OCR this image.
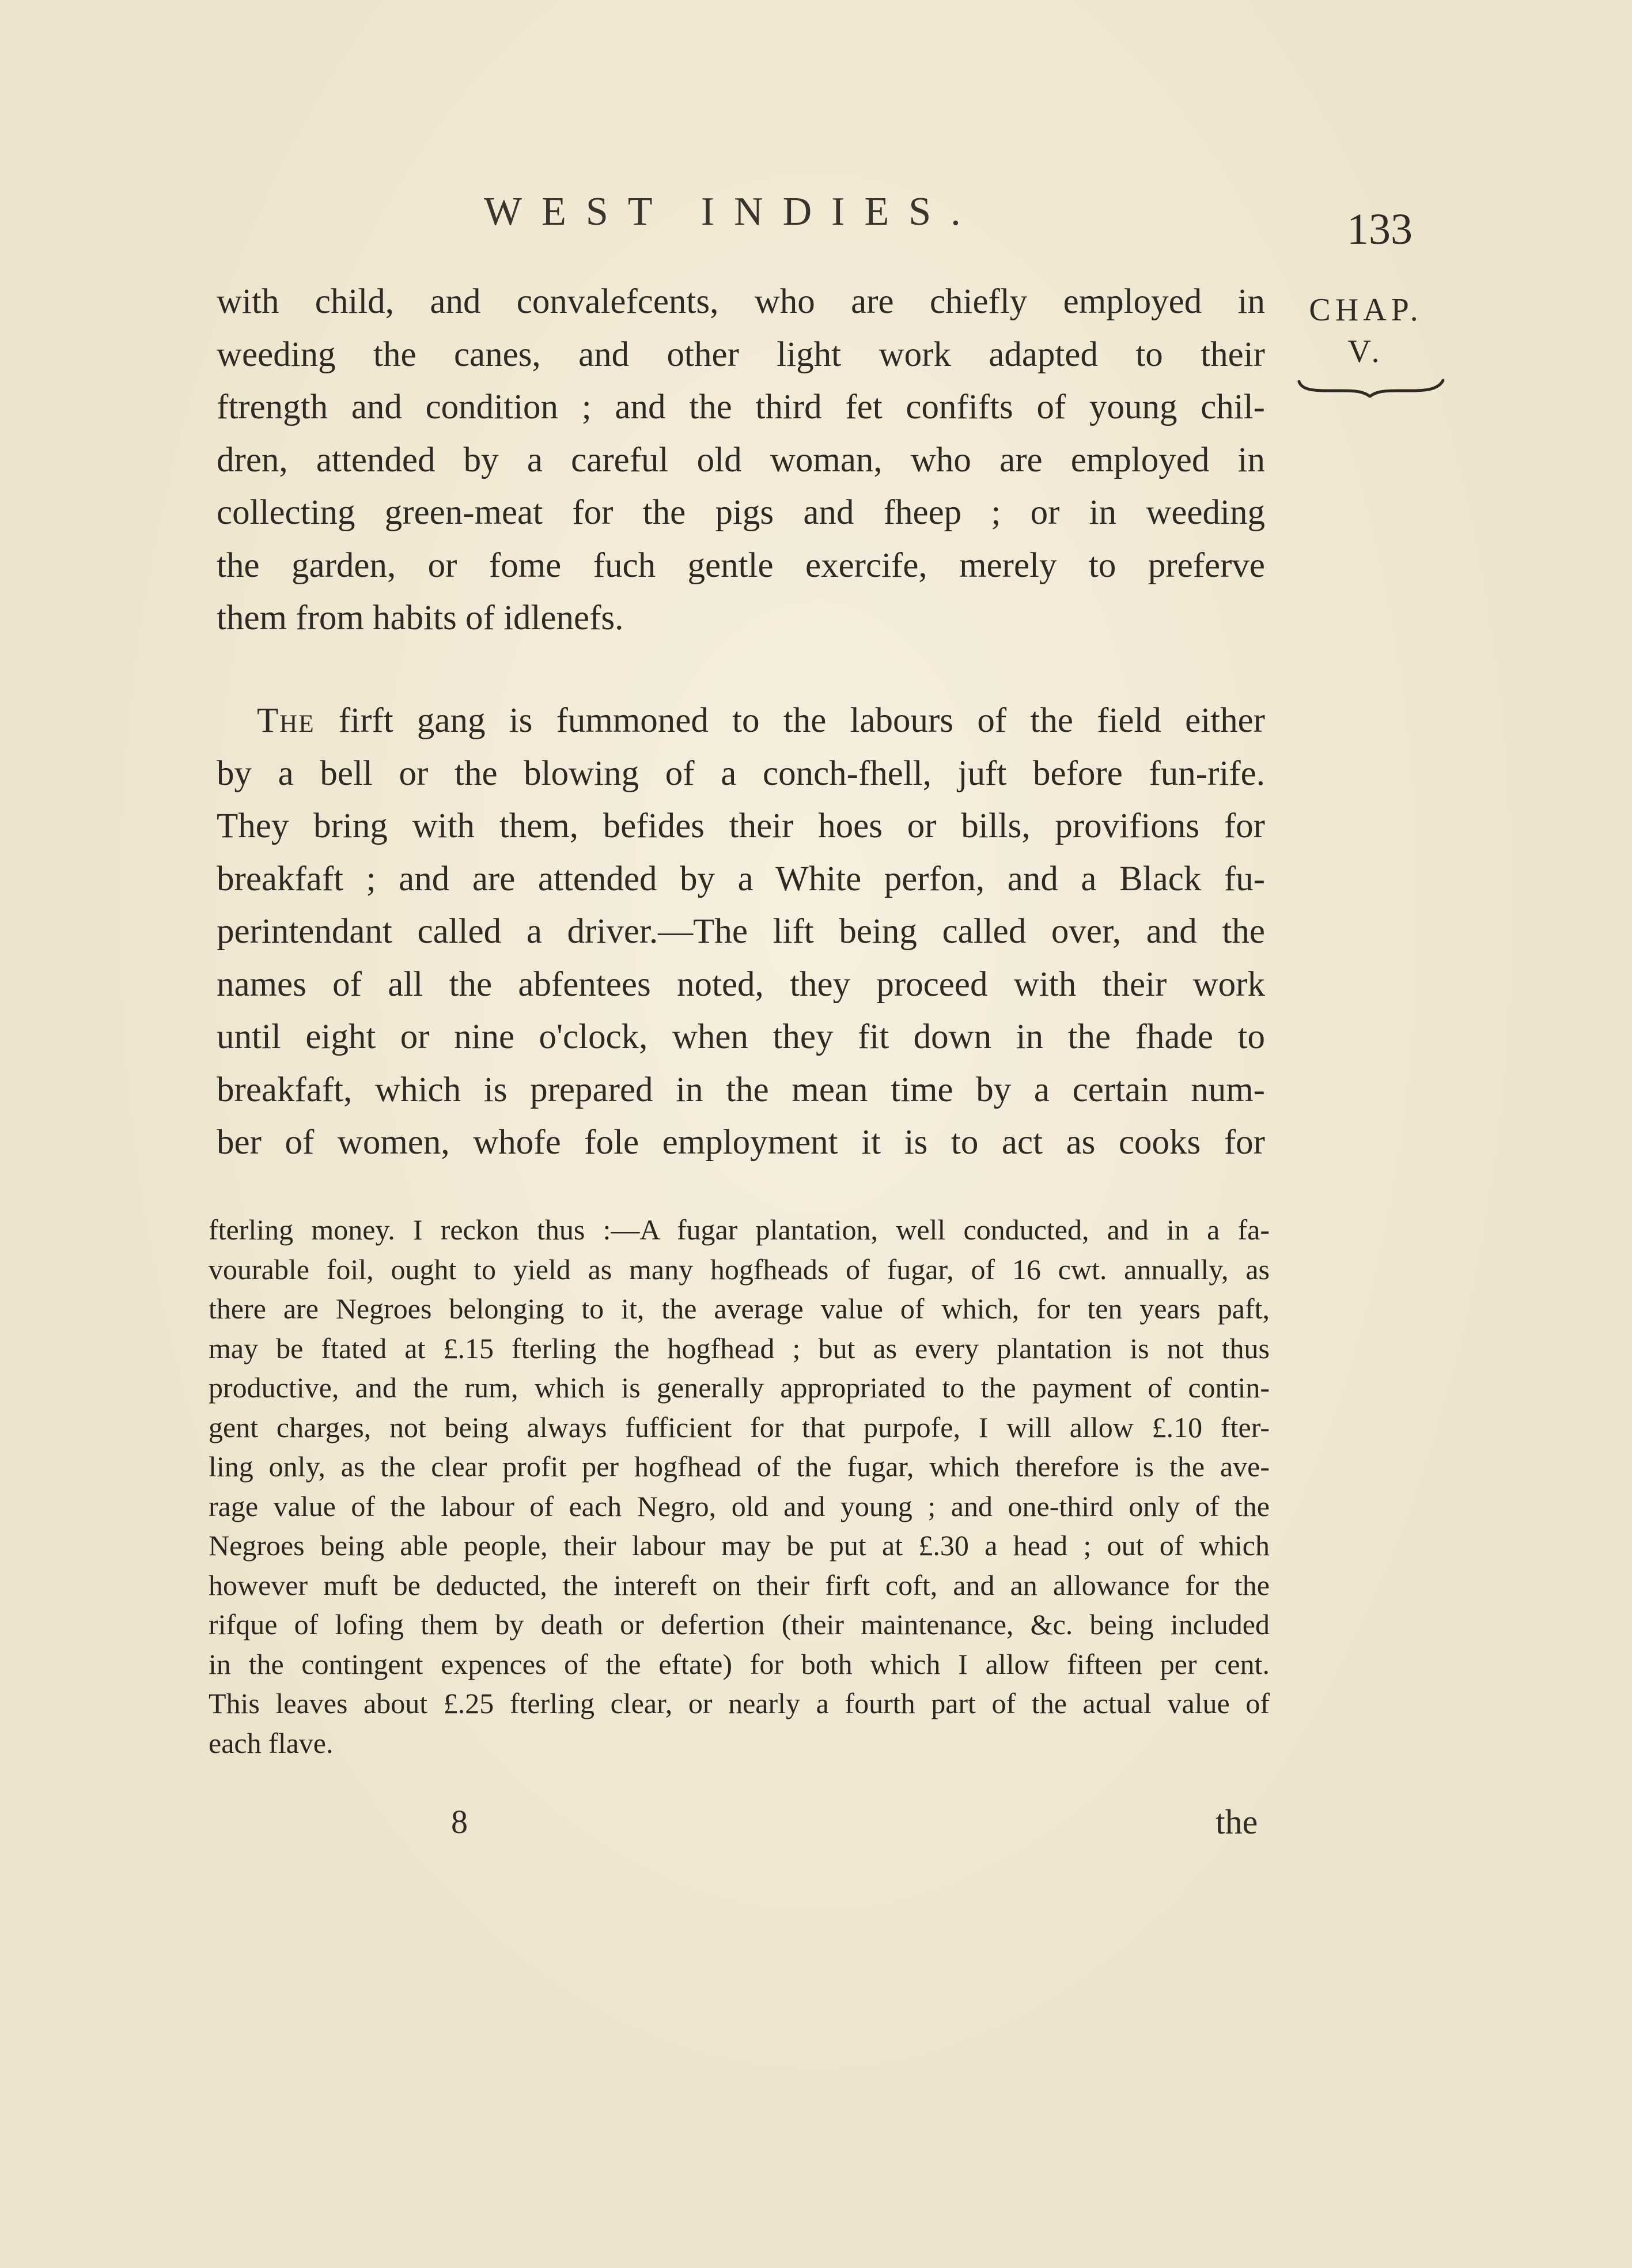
WEST INDIES.	133
CHAP.
V.
with child, and convalefcents, who are chiefly employed in
weeding the canes, and other light work adapted to their
ftrength and condition ; and the third fet confifts of young chil-
dren, attended by a careful old woman, who are employed in
collecting green-meat for the pigs and fheep ; or in weeding
the garden, or fome fuch gentle exercife, merely to preferve
them from habits of idlenefs.
The firft gang is fummoned to the labours of the field either
by a bell or the blowing of a conch-fhell, juft before fun-rife.
They bring with them, befides their hoes or bills, provifions for
breakfaft ; and are attended by a White perfon, and a Black fu-
perintendant called a driver.—The lift being called over, and the
names of all the abfentees noted, they proceed with their work
until eight or nine o'clock, when they fit down in the fhade to
breakfaft, which is prepared in the mean time by a certain num-
ber of women, whofe fole employment it is to act as cooks for
fterling money. I reckon thus :—A fugar plantation, well conducted, and in a fa-
vourable foil, ought to yield as many hogfheads of fugar, of 16 cwt. annually, as
there are Negroes belonging to it, the average value of which, for ten years paft,
may be ftated at £.15 fterling the hogfhead ; but as every plantation is not thus
productive, and the rum, which is generally appropriated to the payment of contin-
gent charges, not being always fufficient for that purpofe, I will allow £.10 fter-
ling only, as the clear profit per hogfhead of the fugar, which therefore is the ave-
rage value of the labour of each Negro, old and young ; and one-third only of the
Negroes being able people, their labour may be put at £.30 a head ; out of which
however muft be deducted, the intereft on their firft coft, and an allowance for the
rifque of lofing them by death or defertion (their maintenance, &c. being included
in the contingent expences of the eftate) for both which I allow fifteen per cent.
This leaves about £.25 fterling clear, or nearly a fourth part of the actual value of
each flave.
8	the
